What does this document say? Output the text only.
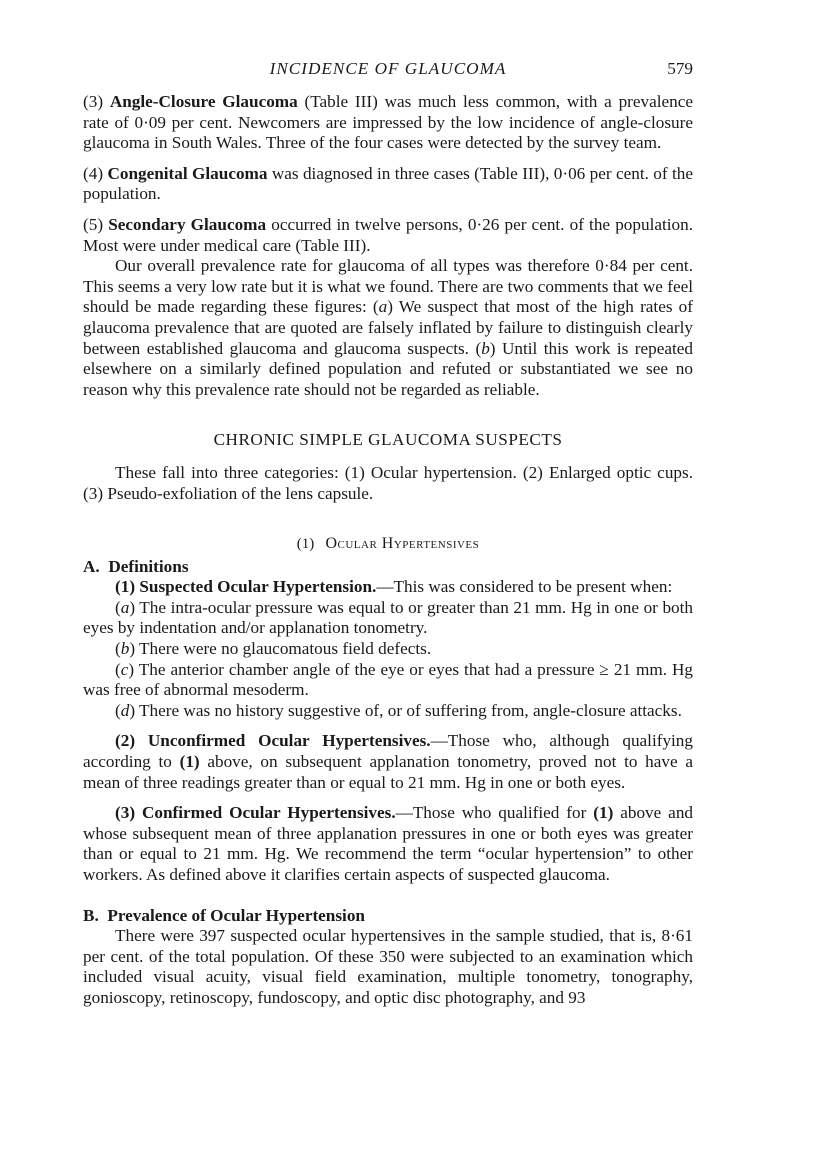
INCIDENCE OF GLAUCOMA	579

(3) Angle-Closure Glaucoma (Table III) was much less common, with a prevalence rate of 0·09 per cent. Newcomers are impressed by the low incidence of angle-closure glaucoma in South Wales. Three of the four cases were detected by the survey team.

(4) Congenital Glaucoma was diagnosed in three cases (Table III), 0·06 per cent. of the population.

(5) Secondary Glaucoma occurred in twelve persons, 0·26 per cent. of the population. Most were under medical care (Table III).

Our overall prevalence rate for glaucoma of all types was therefore 0·84 per cent. This seems a very low rate but it is what we found. There are two comments that we feel should be made regarding these figures: (a) We suspect that most of the high rates of glaucoma prevalence that are quoted are falsely inflated by failure to distinguish clearly between established glaucoma and glaucoma suspects. (b) Until this work is repeated elsewhere on a similarly defined population and refuted or substantiated we see no reason why this prevalence rate should not be regarded as reliable.

CHRONIC SIMPLE GLAUCOMA SUSPECTS

These fall into three categories: (1) Ocular hypertension. (2) Enlarged optic cups. (3) Pseudo-exfoliation of the lens capsule.

(1) Ocular Hypertensives

A. Definitions

(1) Suspected Ocular Hypertension.—This was considered to be present when:

(a) The intra-ocular pressure was equal to or greater than 21 mm. Hg in one or both eyes by indentation and/or applanation tonometry.

(b) There were no glaucomatous field defects.

(c) The anterior chamber angle of the eye or eyes that had a pressure ≥ 21 mm. Hg was free of abnormal mesoderm.

(d) There was no history suggestive of, or of suffering from, angle-closure attacks.

(2) Unconfirmed Ocular Hypertensives.—Those who, although qualifying according to (1) above, on subsequent applanation tonometry, proved not to have a mean of three readings greater than or equal to 21 mm. Hg in one or both eyes.

(3) Confirmed Ocular Hypertensives.—Those who qualified for (1) above and whose subsequent mean of three applanation pressures in one or both eyes was greater than or equal to 21 mm. Hg. We recommend the term “ocular hypertension” to other workers. As defined above it clarifies certain aspects of suspected glaucoma.

B. Prevalence of Ocular Hypertension

There were 397 suspected ocular hypertensives in the sample studied, that is, 8·61 per cent. of the total population. Of these 350 were subjected to an examination which included visual acuity, visual field examination, multiple tonometry, tonography, gonioscopy, retinoscopy, fundoscopy, and optic disc photography, and 93
